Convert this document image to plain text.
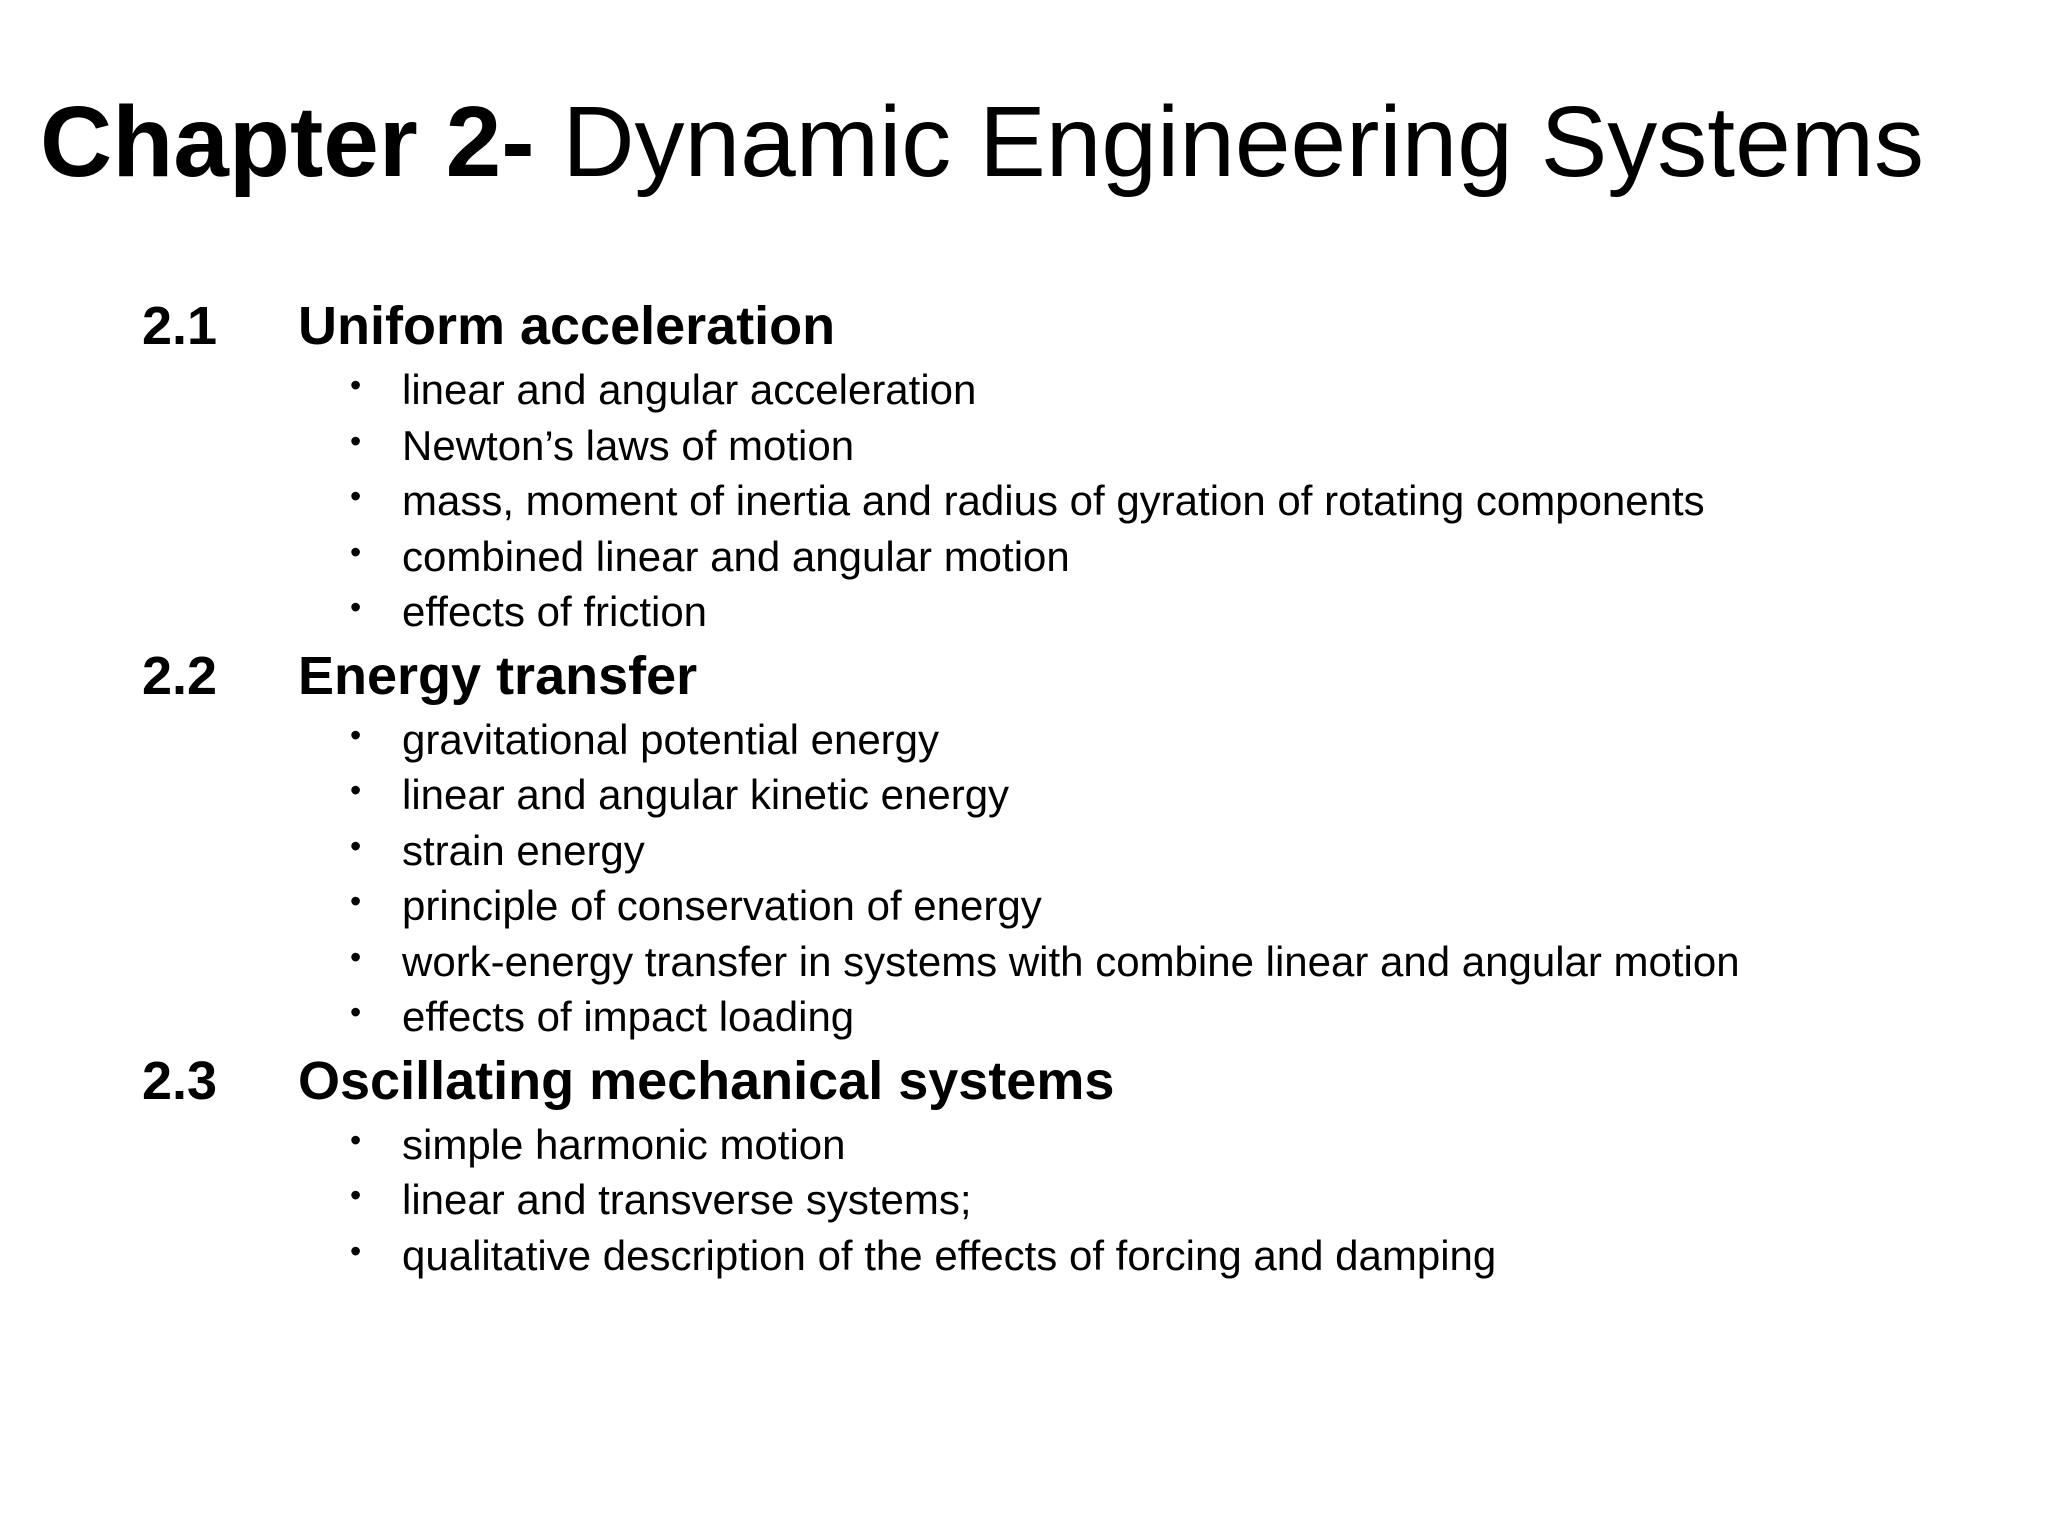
Chapter 2- Dynamic Engineering Systems
2.1	Uniform acceleration
• linear and angular acceleration
• Newton’s laws of motion
• mass, moment of inertia and radius of gyration of rotating components
• combined linear and angular motion
• effects of friction
2.2	Energy transfer
• gravitational potential energy
• linear and angular kinetic energy
• strain energy
• principle of conservation of energy
• work-energy transfer in systems with combine linear and angular motion
• effects of impact loading
2.3	Oscillating mechanical systems
• simple harmonic motion
• linear and transverse systems;
• qualitative description of the effects of forcing and damping
